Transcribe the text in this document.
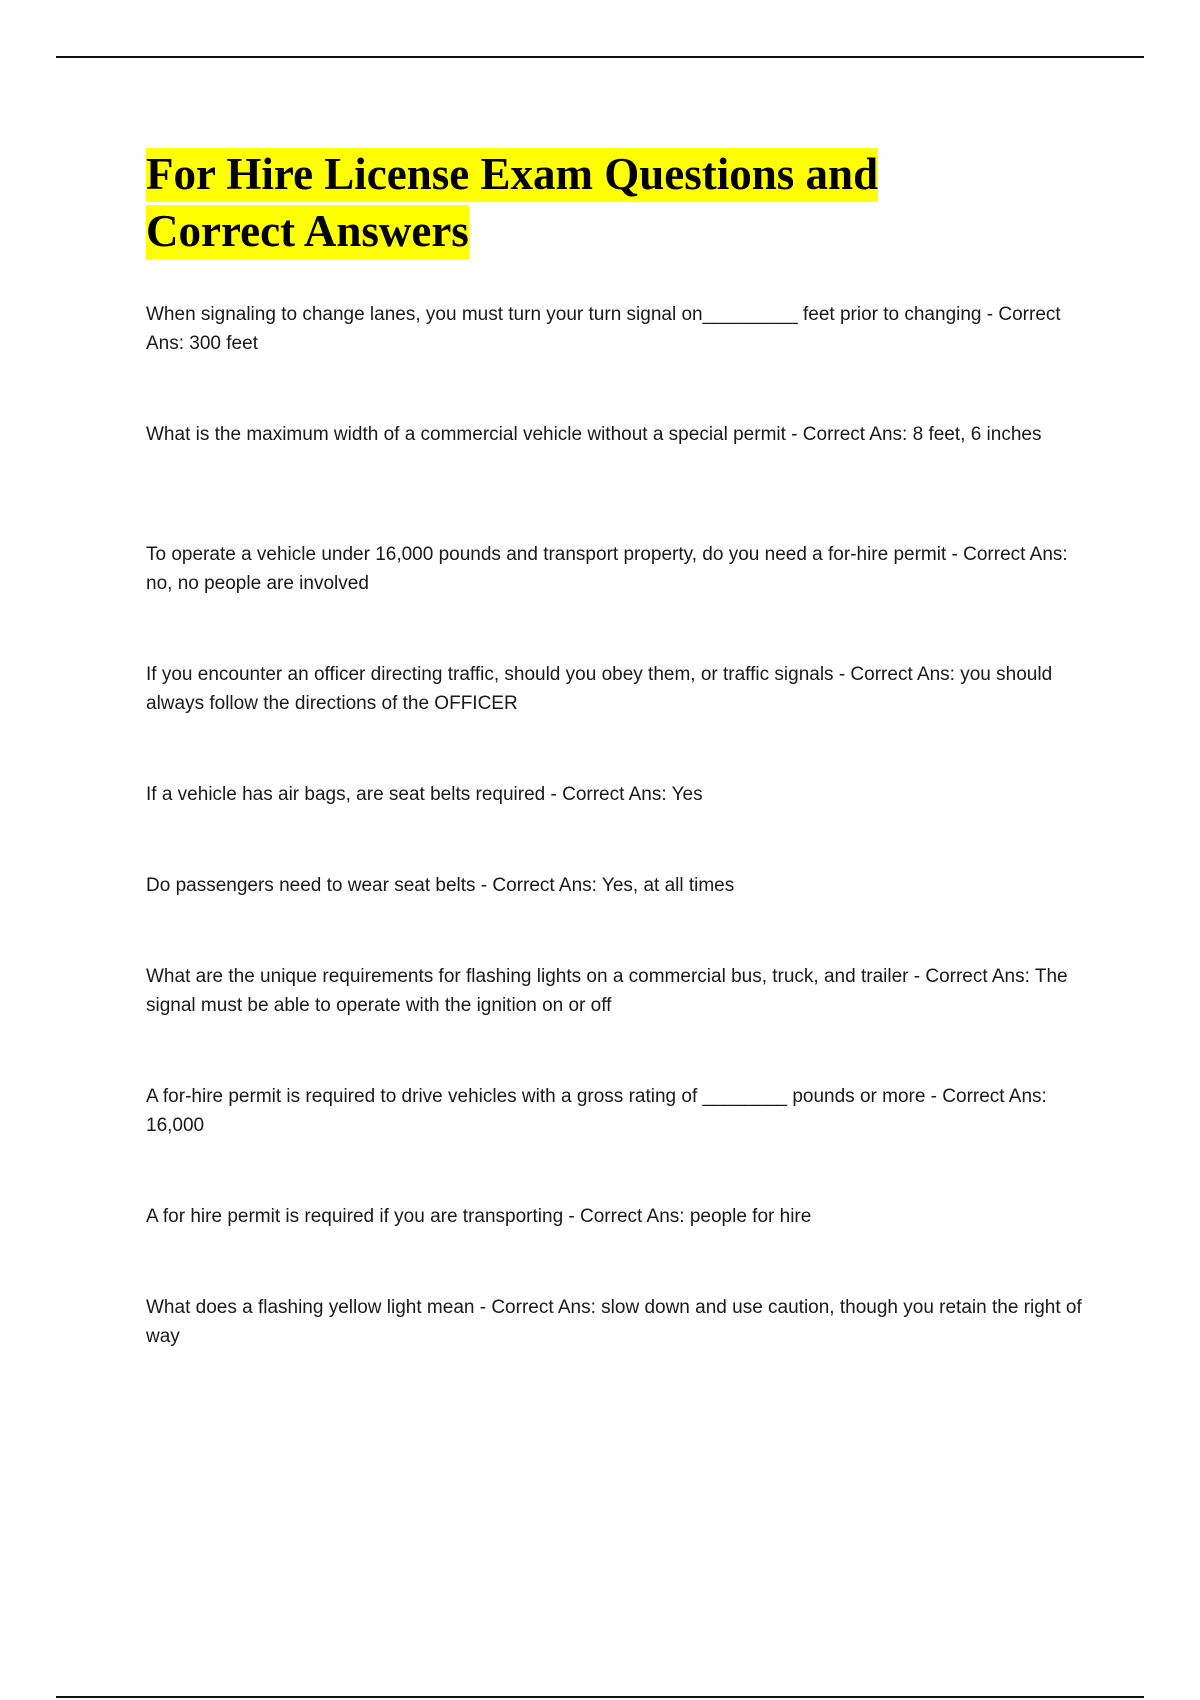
For Hire License Exam Questions and
Correct Answers
When signaling to change lanes, you must turn your turn signal on_________ feet prior to changing - Correct Ans: 300 feet
What is the maximum width of a commercial vehicle without a special permit - Correct Ans: 8 feet, 6 inches
To operate a vehicle under 16,000 pounds and transport property, do you need a for-hire permit - Correct Ans: no, no people are involved
If you encounter an officer directing traffic, should you obey them, or traffic signals - Correct Ans: you should always follow the directions of the OFFICER
If a vehicle has air bags, are seat belts required - Correct Ans: Yes
Do passengers need to wear seat belts - Correct Ans: Yes, at all times
What are the unique requirements for flashing lights on a commercial bus, truck, and trailer - Correct Ans: The signal must be able to operate with the ignition on or off
A for-hire permit is required to drive vehicles with a gross rating of ________ pounds or more - Correct Ans: 16,000
A for hire permit is required if you are transporting - Correct Ans: people for hire
What does a flashing yellow light mean - Correct Ans: slow down and use caution, though you retain the right of way
